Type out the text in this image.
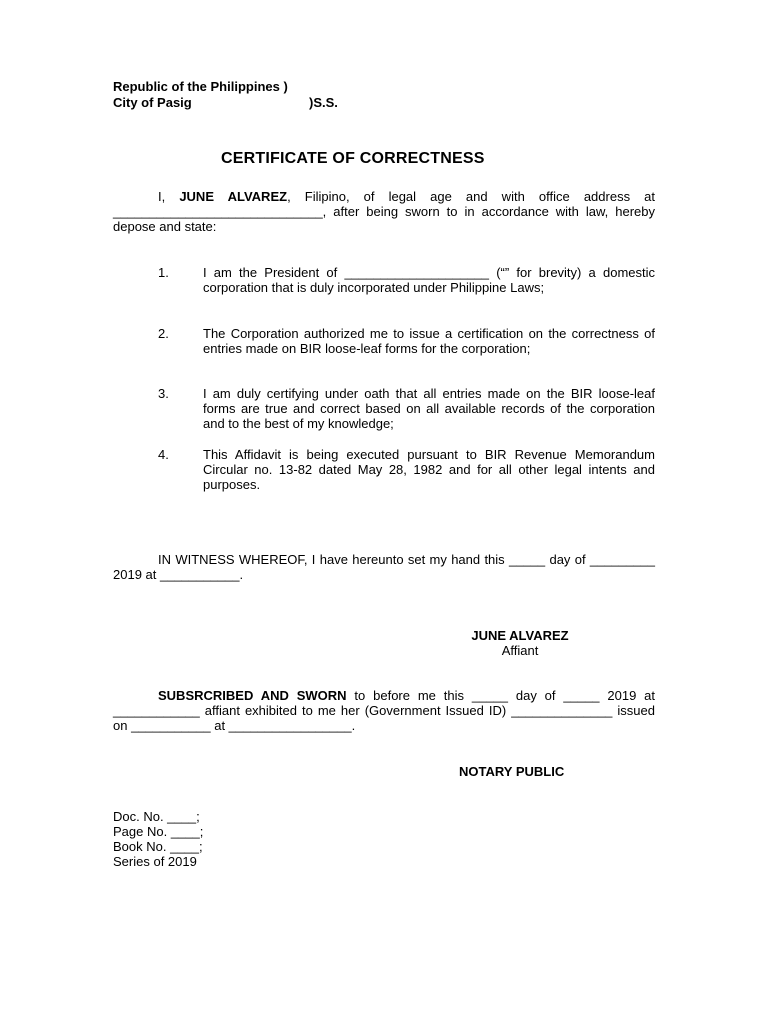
Republic of the Philippines )
City of Pasig	)S.S.
CERTIFICATE OF CORRECTNESS
I, JUNE ALVAREZ, Filipino, of legal age and with office address at _____________________________, after being sworn to in accordance with law, hereby depose and state:
1.	I am the President of ____________________ (“” for brevity) a domestic corporation that is duly incorporated under Philippine Laws;
2.	The Corporation authorized me to issue a certification on the correctness of entries made on BIR loose-leaf forms for the corporation;
3.	I am duly certifying under oath that all entries made on the BIR loose-leaf forms are true and correct based on all available records of the corporation and to the best of my knowledge;
4.	This Affidavit is being executed pursuant to BIR Revenue Memorandum Circular no. 13-82 dated May 28, 1982 and for all other legal intents and purposes.
IN WITNESS WHEREOF, I have hereunto set my hand this _____ day of _________ 2019 at ___________.
JUNE ALVAREZ
Affiant
SUBSRCRIBED AND SWORN to before me this _____ day of _____ 2019 at ____________ affiant exhibited to me her (Government Issued ID) ______________ issued on ___________ at _________________.
NOTARY PUBLIC
Doc. No. ____;
Page No. ____;
Book No. ____;
Series of 2019
